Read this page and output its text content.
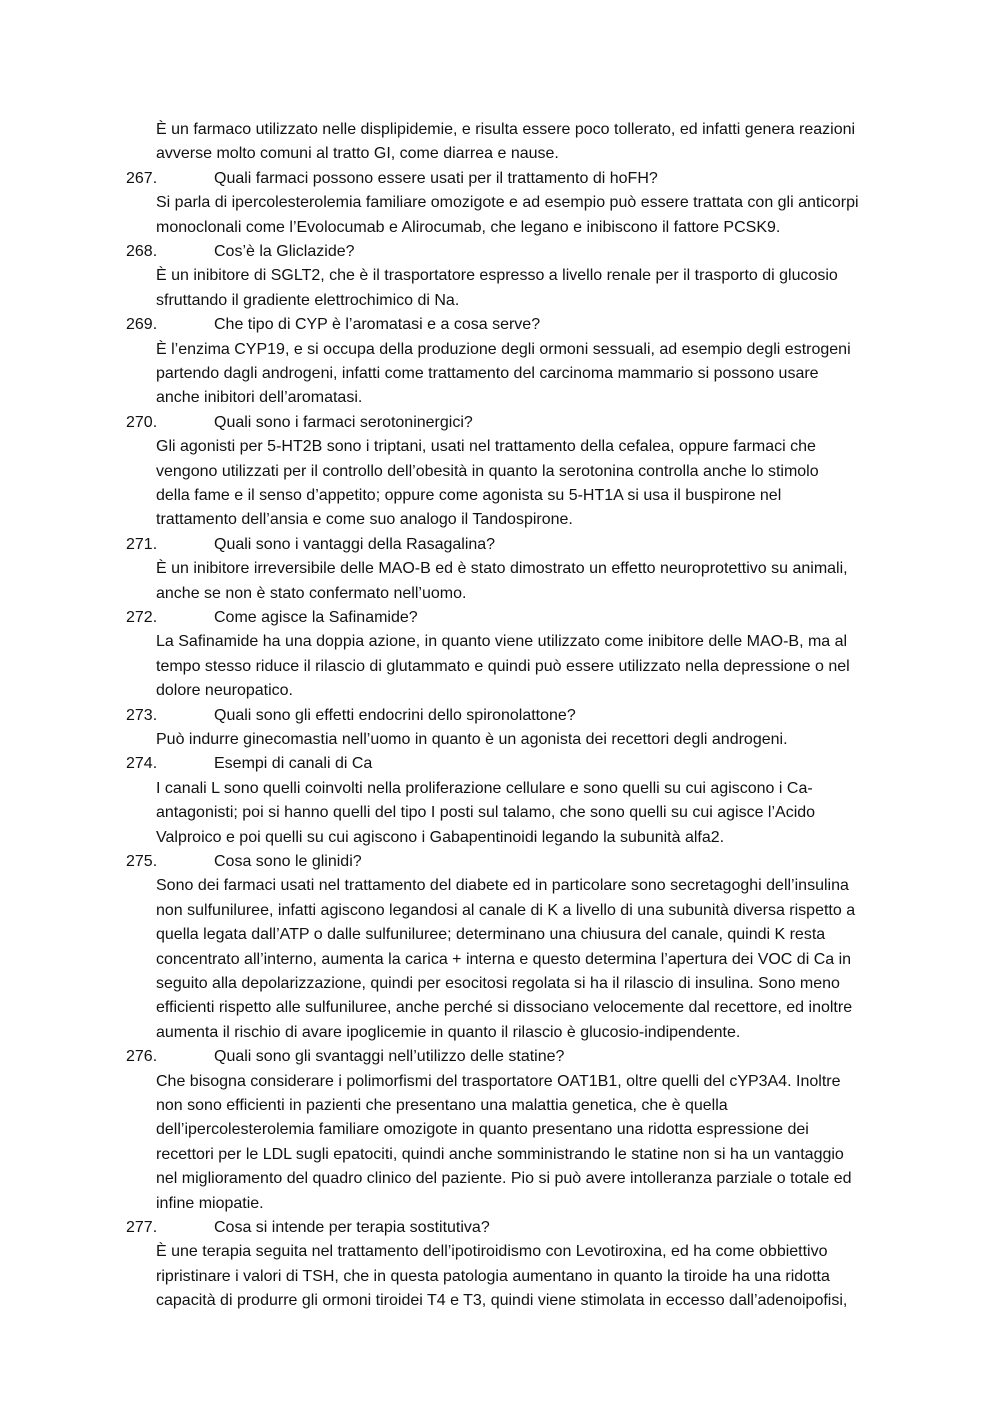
È un farmaco utilizzato nelle displipidemie, e risulta essere poco tollerato, ed infatti genera reazioni
avverse molto comuni al tratto GI, come diarrea e nause.
267.	Quali farmaci possono essere usati per il trattamento di hoFH?
Si parla di ipercolesterolemia familiare omozigote e ad esempio può essere trattata con gli anticorpi
monoclonali come l’Evolocumab e Alirocumab, che legano e inibiscono il fattore PCSK9.
268.	Cos’è la Gliclazide?
È un inibitore di SGLT2, che è il trasportatore espresso a livello renale per il trasporto di glucosio
sfruttando il gradiente elettrochimico di Na.
269.	Che tipo di CYP è l’aromatasi e a cosa serve?
È l’enzima CYP19, e si occupa della produzione degli ormoni sessuali, ad esempio degli estrogeni
partendo dagli androgeni, infatti come trattamento del carcinoma mammario si possono usare
anche inibitori dell’aromatasi.
270.	Quali sono i farmaci serotoninergici?
Gli agonisti per 5-HT2B sono i triptani, usati nel trattamento della cefalea, oppure farmaci che
vengono utilizzati per il controllo dell’obesità in quanto la serotonina controlla anche lo stimolo
della fame e il senso d’appetito; oppure come agonista su 5-HT1A si usa il buspirone nel
trattamento dell’ansia e come suo analogo il Tandospirone.
271.	Quali sono i vantaggi della Rasagalina?
È un inibitore irreversibile delle MAO-B ed è stato dimostrato un effetto neuroprotettivo su animali,
anche se non è stato confermato nell’uomo.
272.	Come agisce la Safinamide?
La Safinamide ha una doppia azione, in quanto viene utilizzato come inibitore delle MAO-B, ma al
tempo stesso riduce il rilascio di glutammato e quindi può essere utilizzato nella depressione o nel
dolore neuropatico.
273.	Quali sono gli effetti endocrini dello spironolattone?
Può indurre ginecomastia nell’uomo in quanto è un agonista dei recettori degli androgeni.
274.	Esempi di canali di Ca
I canali L sono quelli coinvolti nella proliferazione cellulare e sono quelli su cui agiscono i Ca-
antagonisti; poi si hanno quelli del tipo I posti sul talamo, che sono quelli su cui agisce l’Acido
Valproico e poi quelli su cui agiscono i Gabapentinoidi legando la subunità alfa2.
275.	Cosa sono le glinidi?
Sono dei farmaci usati nel trattamento del diabete ed in particolare sono secretagoghi dell’insulina
non sulfuniluree, infatti agiscono legandosi al canale di K a livello di una subunità diversa rispetto a
quella legata dall’ATP o dalle sulfuniluree; determinano una chiusura del canale, quindi K resta
concentrato all’interno, aumenta la carica + interna e questo determina l’apertura dei VOC di Ca in
seguito alla depolarizzazione, quindi per esocitosi regolata si ha il rilascio di insulina. Sono meno
efficienti rispetto alle sulfuniluree, anche perché si dissociano velocemente dal recettore, ed inoltre
aumenta il rischio di avare ipoglicemie in quanto il rilascio è glucosio-indipendente.
276.	Quali sono gli svantaggi nell’utilizzo delle statine?
Che bisogna considerare i polimorfismi del trasportatore OAT1B1, oltre quelli del cYP3A4. Inoltre
non sono efficienti in pazienti che presentano una malattia genetica, che è quella
dell’ipercolesterolemia familiare omozigote in quanto presentano una ridotta espressione dei
recettori per le LDL sugli epatociti, quindi anche somministrando le statine non si ha un vantaggio
nel miglioramento del quadro clinico del paziente. Pio si può avere intolleranza parziale o totale ed
infine miopatie.
277.	Cosa si intende per terapia sostitutiva?
È une terapia seguita nel trattamento dell’ipotiroidismo con Levotiroxina, ed ha come obbiettivo
ripristinare i valori di TSH, che in questa patologia aumentano in quanto la tiroide ha una ridotta
capacità di produrre gli ormoni tiroidei T4 e T3, quindi viene stimolata in eccesso dall’adenoipofisi,
